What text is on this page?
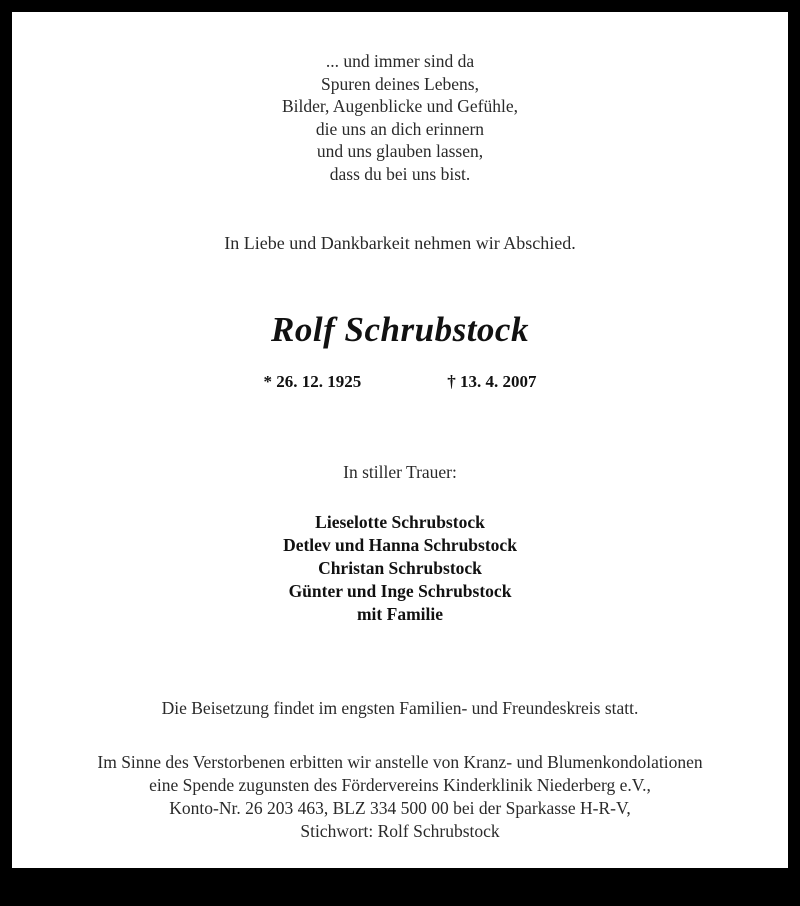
... und immer sind da
Spuren deines Lebens,
Bilder, Augenblicke und Gefühle,
die uns an dich erinnern
und uns glauben lassen,
dass du bei uns bist.
In Liebe und Dankbarkeit nehmen wir Abschied.
Rolf Schrubstock
* 26. 12. 1925	† 13. 4. 2007
In stiller Trauer:
Lieselotte Schrubstock
Detlev und Hanna Schrubstock
Christan Schrubstock
Günter und Inge Schrubstock
mit Familie
Die Beisetzung findet im engsten Familien- und Freundeskreis statt.
Im Sinne des Verstorbenen erbitten wir anstelle von Kranz- und Blumenkondolationen
eine Spende zugunsten des Fördervereins Kinderklinik Niederberg e.V.,
Konto-Nr. 26 203 463, BLZ 334 500 00 bei der Sparkasse H-R-V,
Stichwort: Rolf Schrubstock
